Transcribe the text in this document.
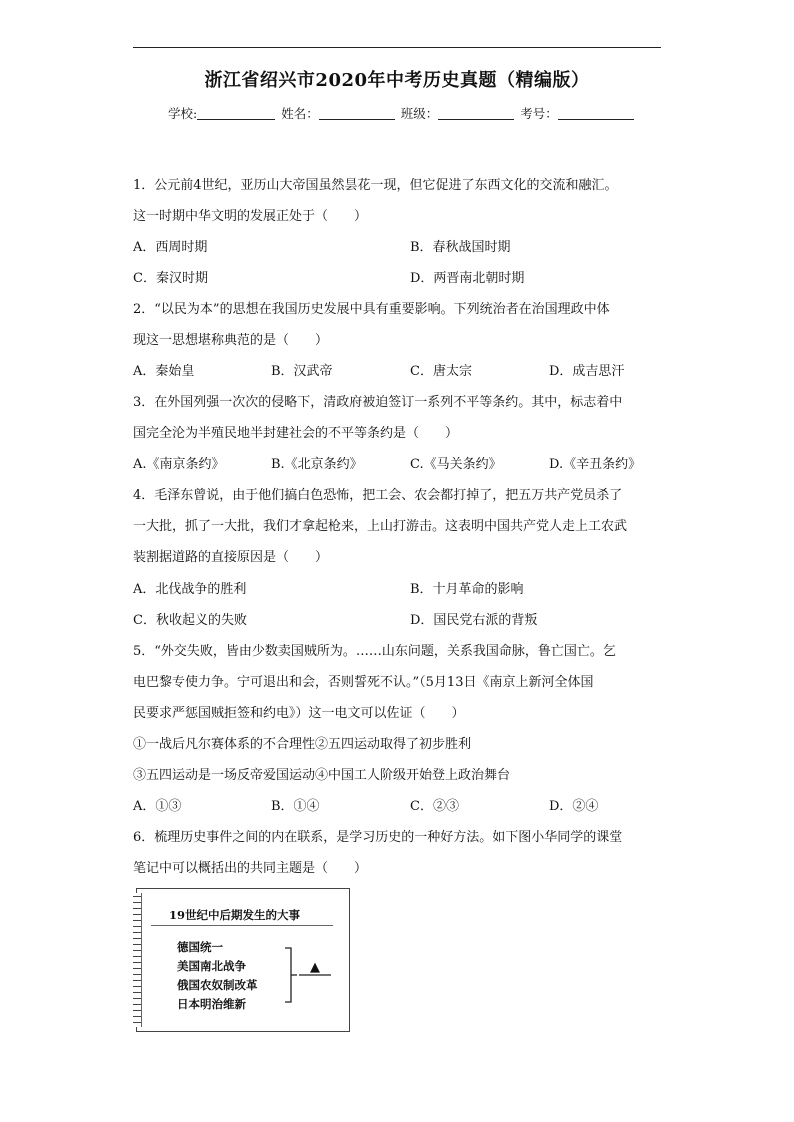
浙江省绍兴市2020年中考历史真题（精编版）
学校:	姓名：	班级：	考号：
1．公元前4世纪，亚历山大帝国虽然昙花一现，但它促进了东西文化的交流和融汇。
这一时期中华文明的发展正处于（　　）
A．西周时期	B．春秋战国时期
C．秦汉时期	D．两晋南北朝时期
2．“以民为本”的思想在我国历史发展中具有重要影响。下列统治者在治国理政中体
现这一思想堪称典范的是（　　）
A．秦始皇	B．汉武帝	C．唐太宗	D．成吉思汗
3．在外国列强一次次的侵略下，清政府被迫签订一系列不平等条约。其中，标志着中
国完全沦为半殖民地半封建社会的不平等条约是（　　）
A.《南京条约》	B.《北京条约》	C.《马关条约》	D.《辛丑条约》
4．毛泽东曾说，由于他们搞白色恐怖，把工会、农会都打掉了，把五万共产党员杀了
一大批，抓了一大批，我们才拿起枪来，上山打游击。这表明中国共产党人走上工农武
装割据道路的直接原因是（　　）
A．北伐战争的胜利	B．十月革命的影响
C．秋收起义的失败	D．国民党右派的背叛
5．“外交失败，皆由少数卖国贼所为。……山东问题，关系我国命脉，鲁亡国亡。乞
电巴黎专使力争。宁可退出和会，否则誓死不认。”（5月13日《南京上新河全体国
民要求严惩国贼拒签和约电》）这一电文可以佐证（　　）
①一战后凡尔赛体系的不合理性②五四运动取得了初步胜利
③五四运动是一场反帝爱国运动④中国工人阶级开始登上政治舞台
A．①③	B．①④	C．②③	D．②④
6．梳理历史事件之间的内在联系，是学习历史的一种好方法。如下图小华同学的课堂
笔记中可以概括出的共同主题是（　　）
19世纪中后期发生的大事
德国统一
美国南北战争
俄国农奴制改革
日本明治维新
▲
